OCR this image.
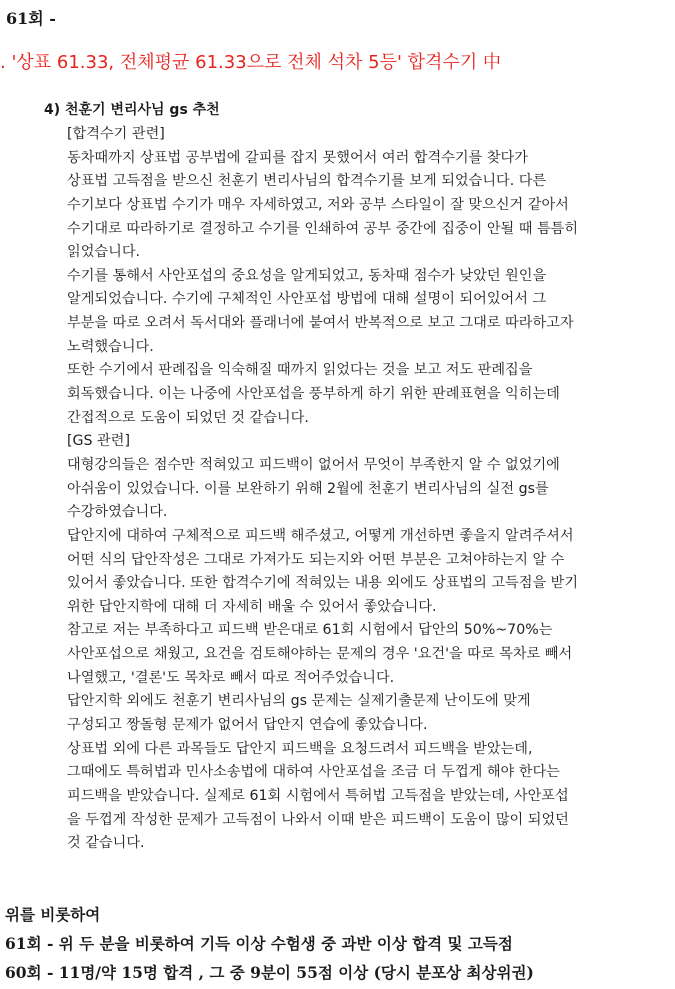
61회 -
. '상표 61.33, 전체평균 61.33으로 전체 석차 5등' 합격수기 中
4) 천훈기 변리사님 gs 추천
[합격수기 관련]
동차때까지 상표법 공부법에 갈피를 잡지 못했어서 여러 합격수기를 찾다가
상표법 고득점을 받으신 천훈기 변리사님의 합격수기를 보게 되었습니다. 다른
수기보다 상표법 수기가 매우 자세하였고, 저와 공부 스타일이 잘 맞으신거 같아서
수기대로 따라하기로 결정하고 수기를 인쇄하여 공부 중간에 집중이 안될 때 틈틈히
읽었습니다.
수기를 통해서 사안포섭의 중요성을 알게되었고, 동차때 점수가 낮았던 원인을
알게되었습니다. 수기에 구체적인 사안포섭 방법에 대해 설명이 되어있어서 그
부분을 따로 오려서 독서대와 플래너에 붙여서 반복적으로 보고 그대로 따라하고자
노력했습니다.
또한 수기에서 판례집을 익숙해질 때까지 읽었다는 것을 보고 저도 판례집을
회독했습니다. 이는 나중에 사안포섭을 풍부하게 하기 위한 판례표현을 익히는데
간접적으로 도움이 되었던 것 같습니다.
[GS 관련]
대형강의들은 점수만 적혀있고 피드백이 없어서 무엇이 부족한지 알 수 없었기에
아쉬움이 있었습니다. 이를 보완하기 위해 2월에 천훈기 변리사님의 실전 gs를
수강하였습니다.
답안지에 대하여 구체적으로 피드백 해주셨고, 어떻게 개선하면 좋을지 알려주셔서
어떤 식의 답안작성은 그대로 가져가도 되는지와 어떤 부분은 고쳐야하는지 알 수
있어서 좋았습니다. 또한 합격수기에 적혀있는 내용 외에도 상표법의 고득점을 받기
위한 답안지학에 대해 더 자세히 배울 수 있어서 좋았습니다.
참고로 저는 부족하다고 피드백 받은대로 61회 시험에서 답안의 50%~70%는
사안포섭으로 채웠고, 요건을 검토해야하는 문제의 경우 '요건'을 따로 목차로 빼서
나열했고, '결론'도 목차로 빼서 따로 적어주었습니다.
답안지학 외에도 천훈기 변리사님의 gs 문제는 실제기출문제 난이도에 맞게
구성되고 짱돌형 문제가 없어서 답안지 연습에 좋았습니다.
상표법 외에 다른 과목들도 답안지 피드백을 요청드려서 피드백을 받았는데,
그때에도 특허법과 민사소송법에 대하여 사안포섭을 조금 더 두껍게 해야 한다는
피드백을 받았습니다. 실제로 61회 시험에서 특허법 고득점을 받았는데, 사안포섭
을 두껍게 작성한 문제가 고득점이 나와서 이때 받은 피드백이 도움이 많이 되었던
것 같습니다.
위를 비롯하여
61회 - 위 두 분을 비롯하여 기득 이상 수험생 중 과반 이상 합격 및 고득점
60회 - 11명/약 15명 합격 , 그 중 9분이 55점 이상 (당시 분포상 최상위권)
